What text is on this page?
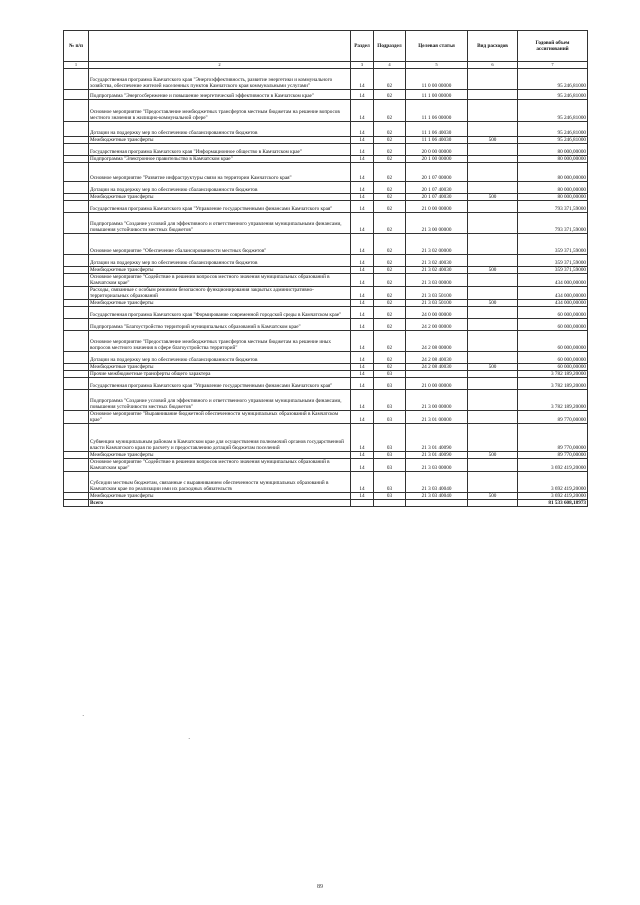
№ п/п		Раздел	Подраздел	Целевая статья	Вид расходов	Годовой объем ассигнований
1	2	3	4	5	6	7
	Государственная программа Камчатского края "Энергоэффективность, развитие энергетики и коммунального хозяйства, обеспечение жителей населенных пунктов Камчатского края коммунальными услугами"	14	02	11 0 00 00000		95 246,81000
	Подпрограмма "Энергосбережение и повышение энергетической эффективности в Камчатском крае"	14	02	11 1 00 00000		95 246,81000
	Основное мероприятие "Предоставление межбюджетных трансфертов местным бюджетам на решение вопросов местного значения в жилищно-коммунальной сфере"	14	02	11 1 06 00000		95 246,81000
	Дотации на поддержку мер по обеспечению сбалансированности бюджетов	14	02	11 1 06 40030		95 246,81000
	Межбюджетные трансферты	14	02	11 1 06 40030	500	95 246,81000
	Государственная программа Камчатского края "Информационное общество в Камчатском крае"	14	02	20 0 00 00000		80 000,00000
	Подпрограмма "Электронное правительство в Камчатском крае"	14	02	20 1 00 00000		80 000,00000
	Основное мероприятие "Развитие инфраструктуры связи на территории Камчатского края"	14	02	20 1 07 00000		80 000,00000
	Дотации на поддержку мер по обеспечению сбалансированности бюджетов	14	02	20 1 07 40030		80 000,00000
	Межбюджетные трансферты	14	02	20 1 07 40030	500	80 000,00000
	Государственная программа Камчатского края "Управление государственными финансами Камчатского края"	14	02	21 0 00 00000		793 371,59000
	Подпрограмма "Создание условий для эффективного и ответственного управления муниципальными финансами, повышения устойчивости местных бюджетов"	14	02	21 3 00 00000		793 371,59000
	Основное мероприятие "Обеспечение сбалансированности местных бюджетов"	14	02	21 3 02 00000		359 371,59000
	Дотации на поддержку мер по обеспечению сбалансированности бюджетов	14	02	21 3 02 40030		359 371,59000
	Межбюджетные трансферты	14	02	21 3 02 40030	500	359 371,59000
	Основное мероприятие "Содействие в решении вопросов местного значения муниципальных образований в Камчатском крае"	14	02	21 3 03 00000		434 000,00000
	Расходы, связанные с особым режимом безопасного функционирования закрытых административно-территориальных образований	14	02	21 3 03 50100		434 000,00000
	Межбюджетные трансферты	14	02	21 3 03 50100	500	434 000,00000
	Государственная программа Камчатского края "Формирование современной городской среды в Камчатском крае"	14	02	24 0 00 00000		60 000,00000
	Подпрограмма "Благоустройство территорий муниципальных образований в Камчатском крае"	14	02	24 2 00 00000		60 000,00000
	Основное мероприятие "Предоставление межбюджетных трансфертов местным бюджетам на решение иных вопросов местного значения в сфере благоустройства территорий"	14	02	24 2 08 00000		60 000,00000
	Дотации на поддержку мер по обеспечению сбалансированности бюджетов	14	02	24 2 08 40030		60 000,00000
	Межбюджетные трансферты	14	02	24 2 08 40030	500	60 000,00000
	Прочие межбюджетные трансферты общего характера	14	03			3 782 189,20000
	Государственная программа Камчатского края "Управление государственными финансами Камчатского края"	14	03	21 0 00 00000		3 782 189,20000
	Подпрограмма "Создание условий для эффективного и ответственного управления муниципальными финансами, повышения устойчивости местных бюджетов"	14	03	21 3 00 00000		3 782 189,20000
	Основное мероприятие "Выравнивание бюджетной обеспеченности муниципальных образований в Камчатском крае"	14	03	21 3 01 00000		89 770,00000
	Субвенции муниципальным районам в Камчатском крае для осуществления полномочий органов государственной власти Камчатского края по расчету и предоставлению дотаций бюджетам поселений	14	03	21 3 01 40090		89 770,00000
	Межбюджетные трансферты	14	03	21 3 01 40090	500	89 770,00000
	Основное мероприятие "Содействие в решении вопросов местного значения муниципальных образований в Камчатском крае"	14	03	21 3 03 00000		3 692 419,20000
	Субсидии местным бюджетам, связанные с выравниванием обеспеченности муниципальных образований в Камчатском крае по реализации ими их расходных обязательств	14	03	21 3 03 40040		3 692 419,20000
	Межбюджетные трансферты	14	03	21 3 03 40040	500	3 692 419,20000
	Всего					81 533 608,18973
·
·
89
